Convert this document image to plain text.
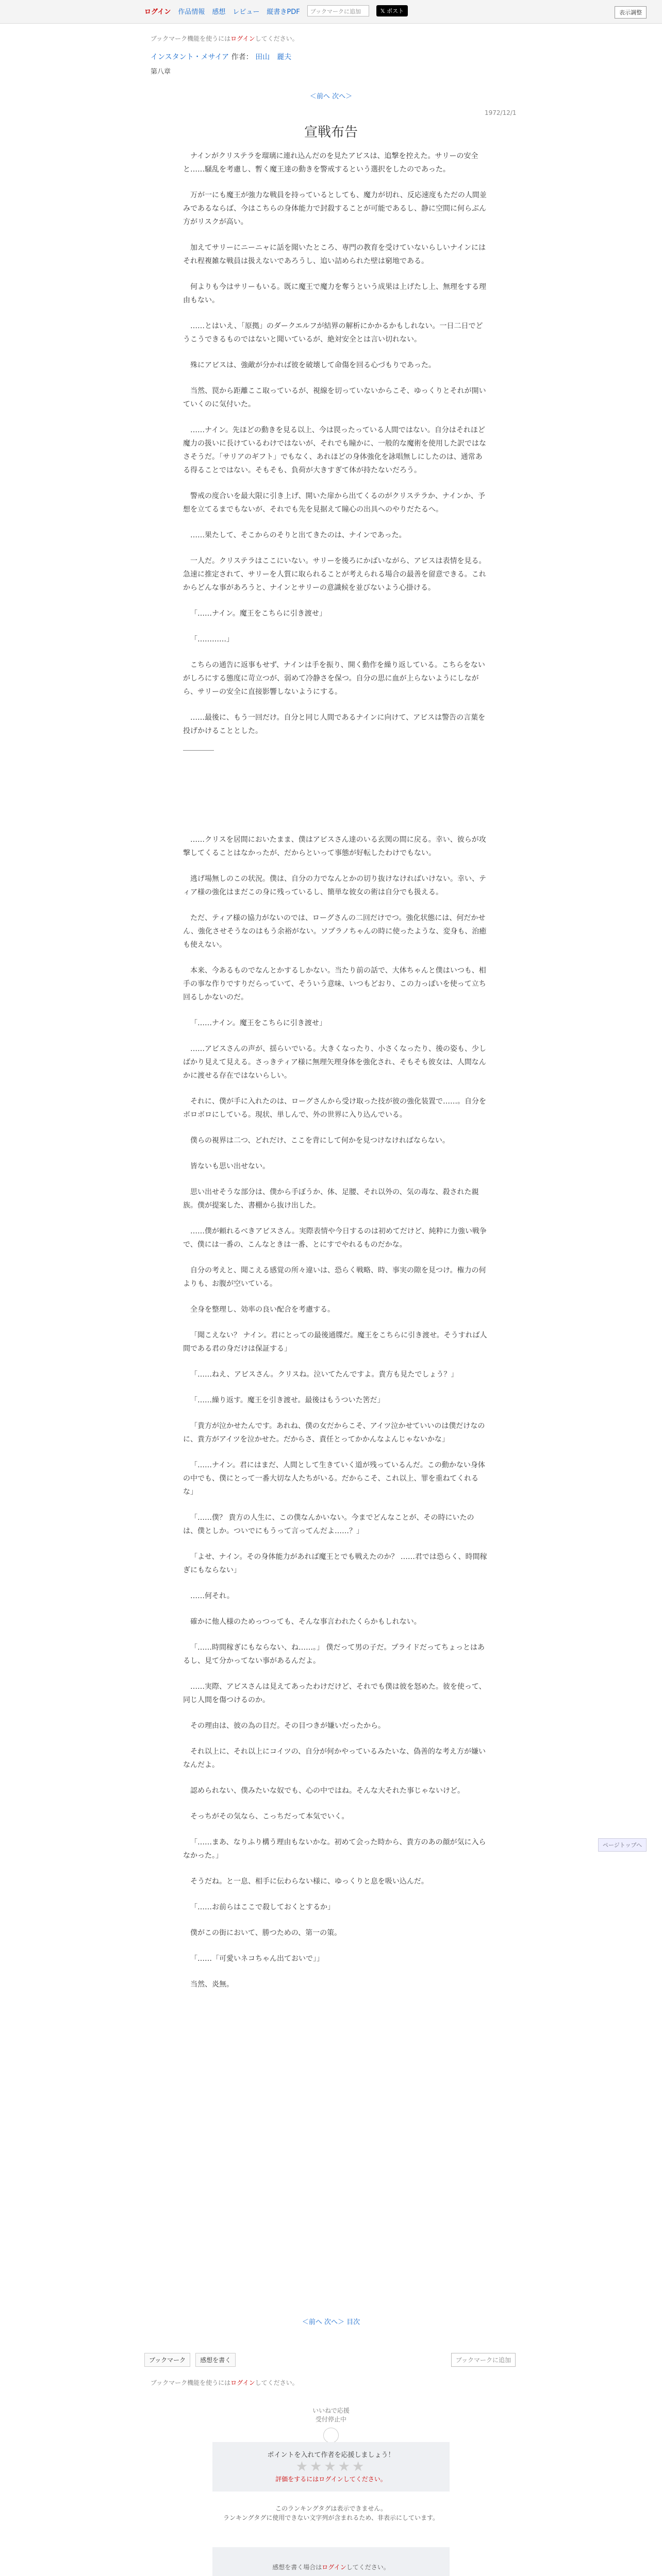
ログイン 作品情報 感想 レビュー 縦書きPDF	ブックマークに追加	𝕏 ポスト	表示調整
ブックマーク機能を使うにはログインしてください。
インスタント・メサイア 作者： 田山　麗夫
第八章
＜前へ 次へ＞
1972/12/1
宣戦布告

ナインがクリステラを瑠璃に連れ込んだのを見たアビスは、追撃を控えた。サリーの安全と……騒乱を考慮し、暫く魔王達の動きを警戒するという選択をしたのであった。

万が一にも魔王が強力な戦員を持っているとしても、魔力が切れ、反応速度もただの人間並みであるならば、今はこちらの身体能力で封殺することが可能であるし、静に空間に何らぶん方がリスクが高い。

加えてサリーにニーニャに話を聞いたところ、専門の教育を受けていないらしいナインにはそれ程複雑な戦員は扱えないであろうし、追い詰められた壁は窮地である。

何よりも今はサリーもいる。既に魔王で魔力を奪うという成果は上げたし上、無理をする理由もない。

……とはいえ、「原拠」のダークエルフが結界の解析にかかるかもしれない。一日二日でどうこうできるものではないと聞いているが、絶対安全とは言い切れない。

殊にアビスは、強敵が分かれば彼を破壊して命傷を回る心づもりであった。

当然、罠から距離ここ取っているが、視線を切っていないからこそ、ゆっくりとそれが開いていくのに気付いた。

……ナイン。先ほどの動きを見る以上、今は罠ったっている人間ではない。自分はそれほど魔力の扱いに長けているわけではないが、それでも瞳かに、一般的な魔術を使用した訳ではなさそうだ。「サリアのギフト」でもなく、あれほどの身体強化を詠唱無しにしたのは、通常ある得ることではない。そもそも、負荷が大きすぎて体が持たないだろう。

警戒の度合いを最大限に引き上げ、開いた扉から出てくるのがクリステラか、ナインか、予想を立てるまでもないが、それでも先を見据えて瞳心の出具へのやりだたるへ。

……果たして、そこからのそりと出てきたのは、ナインであった。

一人だ。クリステラはここにいない。サリーを後ろにかばいながら、アビスは表情を見る。急速に推定されて、サリーを人質に取られることが考えられる場合の最善を留意できる。これからどんな事があろうと、ナインとサリーの意識候を並びないよう心掛ける。

「……ナイン。魔王をこちらに引き渡せ」

「…………」

こちらの通告に返事もせず、ナインは手を振り、開く動作を繰り返している。こちらをないがしろにする態度に苛立つが、弱めて冷静さを保つ。自分の思に血が上らないようにしながら、サリーの安全に直接影響しないようにする。

……最後に、もう一回だけ。自分と同じ人間であるナインに向けて、アビスは警告の言葉を投げかけることとした。

……クリスを居間においたまま、僕はアビスさん達のいる玄関の間に戻る。幸い、彼らが攻撃してくることはなかったが、だからといって事態が好転したわけでもない。

逃げ場無しのこの状況。僕は、自分の力でなんとかの切り抜けなければいけない。幸い、ティア様の強化はまだこの身に残っているし、簡単な彼女の術は自分でも扱える。

ただ、ティア様の協力がないのでは、ローグさんの二回だけでつ。強化状態には、何だかせん、強化させそうなのはもう余裕がない。ソプラノちゃんの時に使ったような、変身も、治癒も使えない。

本来、今あるものでなんとかするしかない。当たり前の話で、大体ちゃんと僕はいつも、相手の事な作りですりだらっていて、そういう意味、いつもどおり、この力っぽいを使って立ち回るしかないのだ。

「……ナイン。魔王をこちらに引き渡せ」

……アビスさんの声が、揺らいでいる。大きくなったり、小さくなったり、後の姿も、少しばかり見えて見える。さっきティア様に無理矢理身体を強化され、そもそも彼女は、人間なんかに渡せる存在ではないらしい。

それに、僕が手に入れたのは、ローグさんから受け取った技が彼の強化装置で……。自分をボロボロにしている。現状、単しんで、外の世界に入り込んでいる。

僕らの視界は二つ、どれだけ、ここを背にして何かを見つけなければならない。

皆ないも思い出せない。

思い出せそうな部分は、僕から手ぼうか、体、足腰、それ以外の、気の毒な、殺された親族。僕が提案した、書棚から抜け出した。

……僕が頼れるべきアビスさん。実際表情や今日するのは初めてだけど、純粋に力強い戦争で、僕には一番の、こんなときは一番、とにすでやれるものだかな。

自分の考えと、聞こえる感覚の所々違いは、恐らく戦略、時、事実の隙を見つけ。権力の何よりも、お腹が空いている。

全身を整理し、効率の良い配合を考慮する。

「聞こえない？ ナイン。君にとっての最後通牒だ。魔王をこちらに引き渡せ。そうすれば人間である君の身だけは保証する」

「……ねえ、アビスさん。クリスね。泣いてたんですよ。貴方も見たでしょう？」

「……繰り返す。魔王を引き渡せ。最後はもうついた筈だ」

「貴方が泣かせたんです。あれね、僕の女だからこそ、アイツ泣かせていいのは僕だけなのに、貴方がアイツを泣かせた。だからさ、責任とってかかんなよんじゃないかな」

「……ナイン。君にはまだ、人間として生きていく道が残っているんだ。この動かない身体の中でも、僕にとって一番大切な人たちがいる。だからこそ、これ以上、罪を重ねてくれるな」

「……僕？ 貴方の人生に、この僕なんかいない。今までどんなことが、その時にいたのは、僕としか。ついでにもうって言ってんだよ……？」

「よせ、ナイン。その身体能力があれば魔王とでも戦えたのか？ ……君では恐らく、時間稼ぎにもならない」

……何それ。

確かに他人様のためっつっても、そんな事言われたくらかもしれない。

「……時間稼ぎにもならない、ね……。」 僕だって男の子だ。プライドだってちょっとはあるし、見て分かってない事があるんだよ。

……実際、アビスさんは見えてあったわけだけど、それでも僕は彼を怒めた。彼を使って、同じ人間を傷つけるのか。

その理由は、彼の為の目だ。その目つきが嫌いだったから。

それ以上に、それ以上にコイツの、自分が何かやっているみたいな、偽善的な考え方が嫌いなんだよ。

認められない、僕みたいな奴でも、心の中ではね。そんな大それた事じゃないけど。

そっちがその気なら、こっちだって本気でいく。

「……まあ、なりふり構う理由もないかな。初めて会った時から、貴方のあの顔が気に入らなかった。」

そうだね。と一息、相手に伝わらない様に、ゆっくりと息を吸い込んだ。

「……お前らはここで殺しておくとするか」

僕がこの街において、勝つための、第一の策。

「……「可愛いネコちゃん出ておいで」」

当然、炎無。

ページトップへ
＜前へ 次へ＞ 目次
ブックマーク	感想を書く	ブックマークに追加
ブックマーク機能を使うにはログインしてください。
いいねで応援
受付停止中
ポイントを入れて作者を応援しましょう！
★★★★★
評価をするにはログインしてください。
このランキングタグは表示できません。
ランキングタグに使用できない文字列が含まれるため、非表示にしています。
感想を書く場合はログインしてください。
